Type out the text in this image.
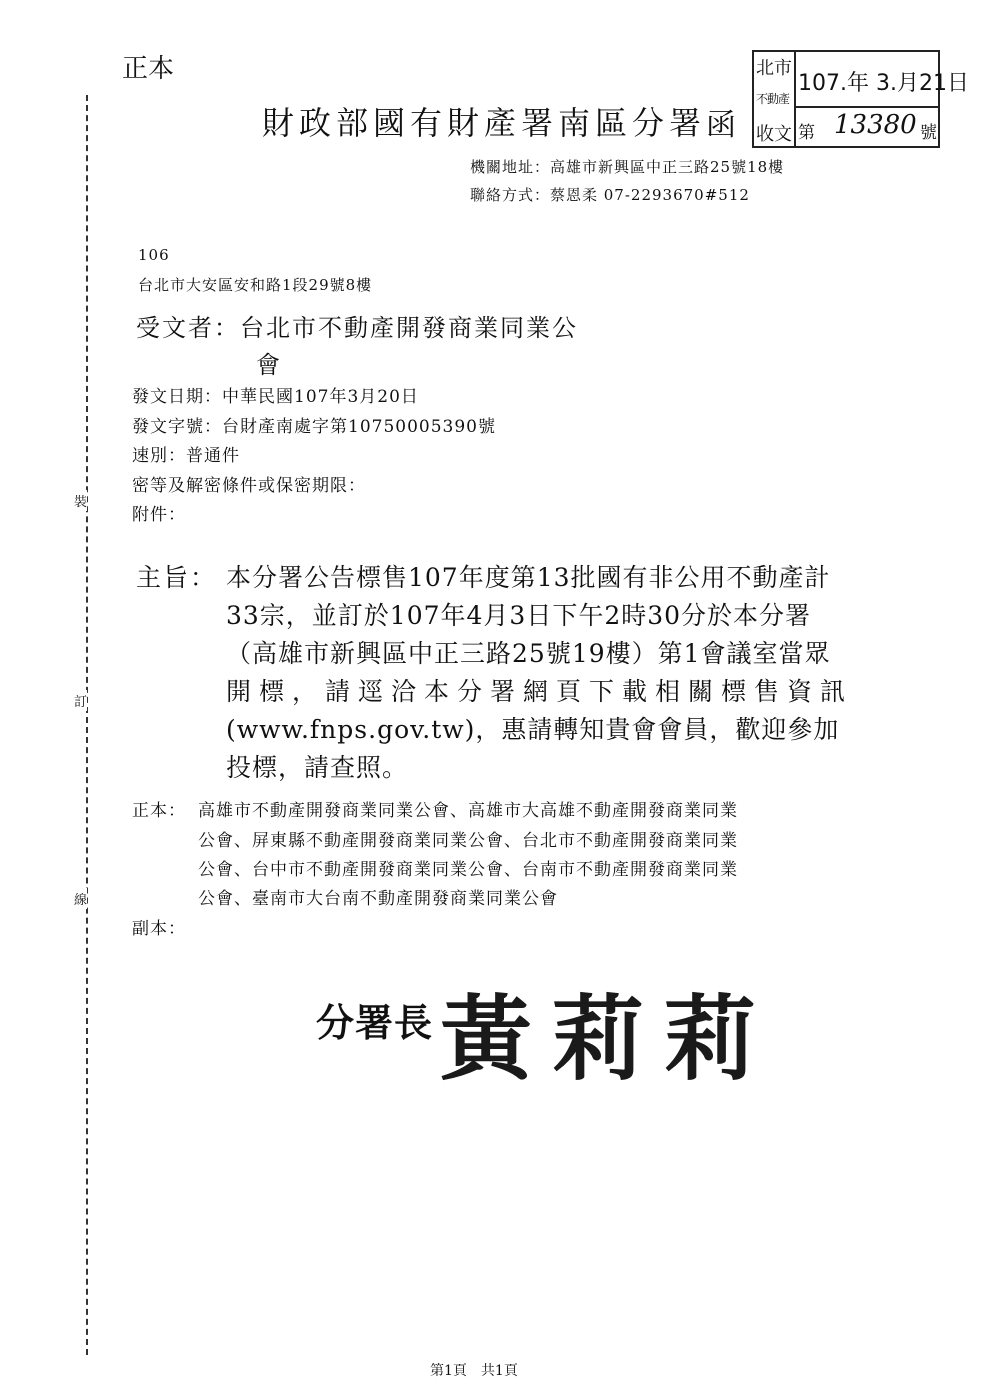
正本
財政部國有財產署南區分署 函
北市
不動產
收文
107.年 3.月21日
第 13380 號
機關地址：高雄市新興區中正三路25號18樓
聯絡方式：蔡恩柔 07-2293670#512
106
台北市大安區安和路1段29號8樓
受文者：台北市不動產開發商業同業公
會
發文日期：中華民國107年3月20日
發文字號：台財產南處字第10750005390號
速別：普通件
密等及解密條件或保密期限：
附件：
主旨： 本分署公告標售107年度第13批國有非公用不動產計
33宗，並訂於107年4月3日下午2時30分於本分署
（高雄市新興區中正三路25號19樓）第1會議室當眾
開標，請逕洽本分署網頁下載相關標售資訊
(www.fnps.gov.tw)，惠請轉知貴會會員，歡迎參加
投標，請查照。
正本： 高雄市不動產開發商業同業公會、高雄市大高雄不動產開發商業同業
公會、屏東縣不動產開發商業同業公會、台北市不動產開發商業同業
公會、台中市不動產開發商業同業公會、台南市不動產開發商業同業
公會、臺南市大台南不動產開發商業同業公會
副本：
裝
訂
線
分署長 黃莉莉
第1頁　共1頁
